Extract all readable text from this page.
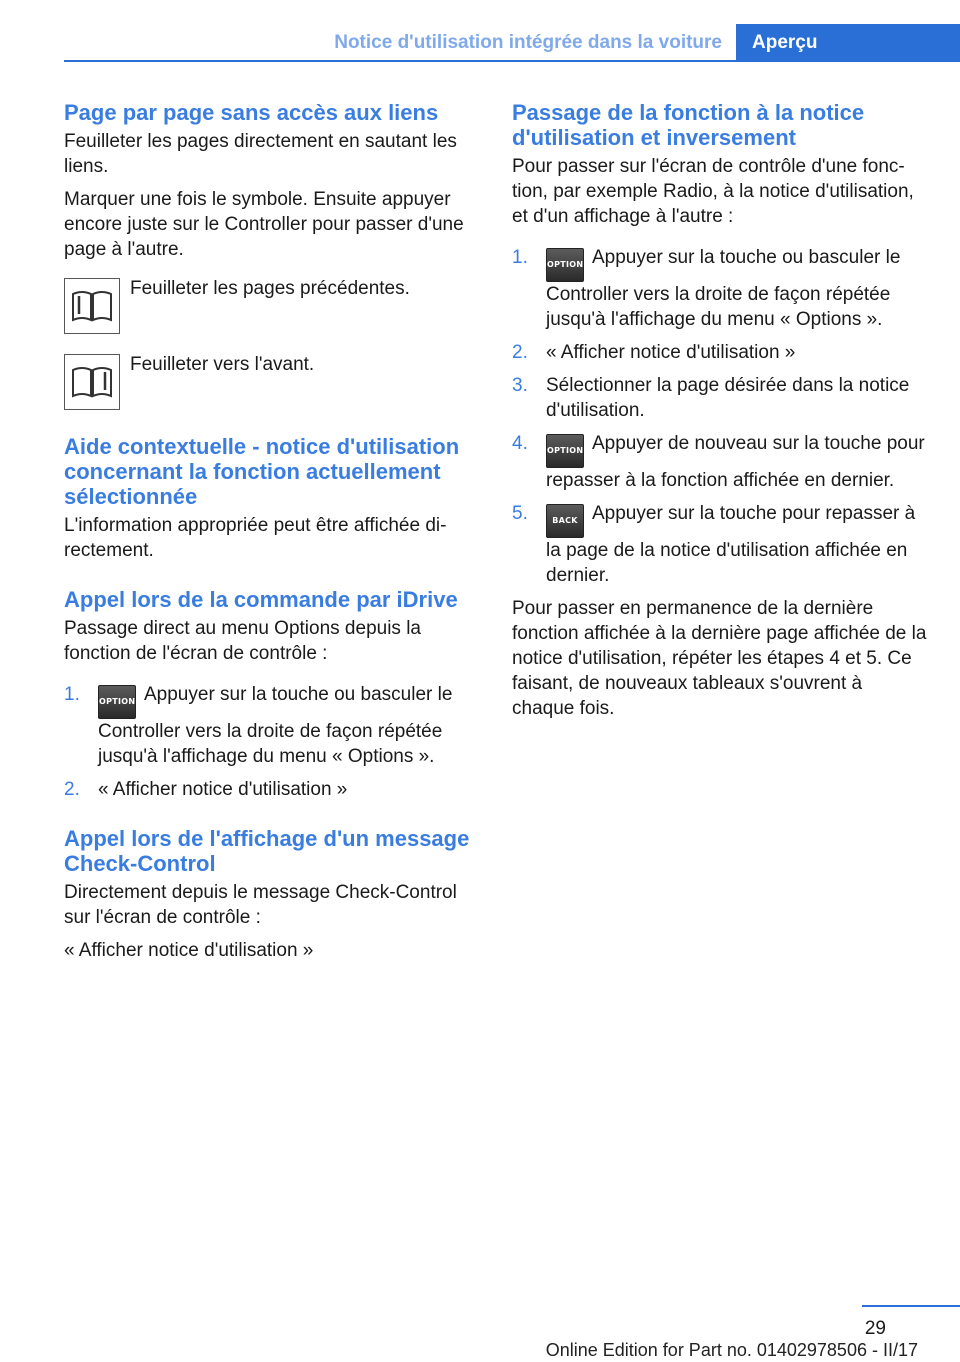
Notice d'utilisation intégrée dans la voiture	Aperçu
Page par page sans accès aux liens

Feuilleter les pages directement en sautant les liens.

Marquer une fois le symbole. Ensuite appuyer encore juste sur le Controller pour passer d'une page à l'autre.

Feuilleter les pages précédentes.
Feuilleter vers l'avant.
Aide contextuelle - notice d'utilisation concernant la fonction actuellement sélectionnée

L'information appropriée peut être affichée directement.

Appel lors de la commande par iDrive

Passage direct au menu Options depuis la fonction de l'écran de contrôle :

1. OPTION Appuyer sur la touche ou basculer le Controller vers la droite de façon répétée jusqu'à l'affichage du menu « Options ».
2. « Afficher notice d'utilisation »
Appel lors de l'affichage d'un message Check-Control

Directement depuis le message Check-Control sur l'écran de contrôle :

« Afficher notice d'utilisation »

Passage de la fonction à la notice d'utilisation et inversement

Pour passer sur l'écran de contrôle d'une fonction, par exemple Radio, à la notice d'utilisation, et d'un affichage à l'autre :

1. OPTION Appuyer sur la touche ou basculer le Controller vers la droite de façon répétée jusqu'à l'affichage du menu « Options ».
2. « Afficher notice d'utilisation »
3. Sélectionner la page désirée dans la notice d'utilisation.
4. OPTION Appuyer de nouveau sur la touche pour repasser à la fonction affichée en dernier.
5.	BACK Appuyer sur la touche pour repasser à la page de la notice d'utilisation affichée en dernier.

Pour passer en permanence de la dernière fonction affichée à la dernière page affichée de la notice d'utilisation, répéter les étapes 4 et 5. Ce faisant, de nouveaux tableaux s'ouvrent à chaque fois.

29
Online Edition for Part no. 01402978506 - II/17
